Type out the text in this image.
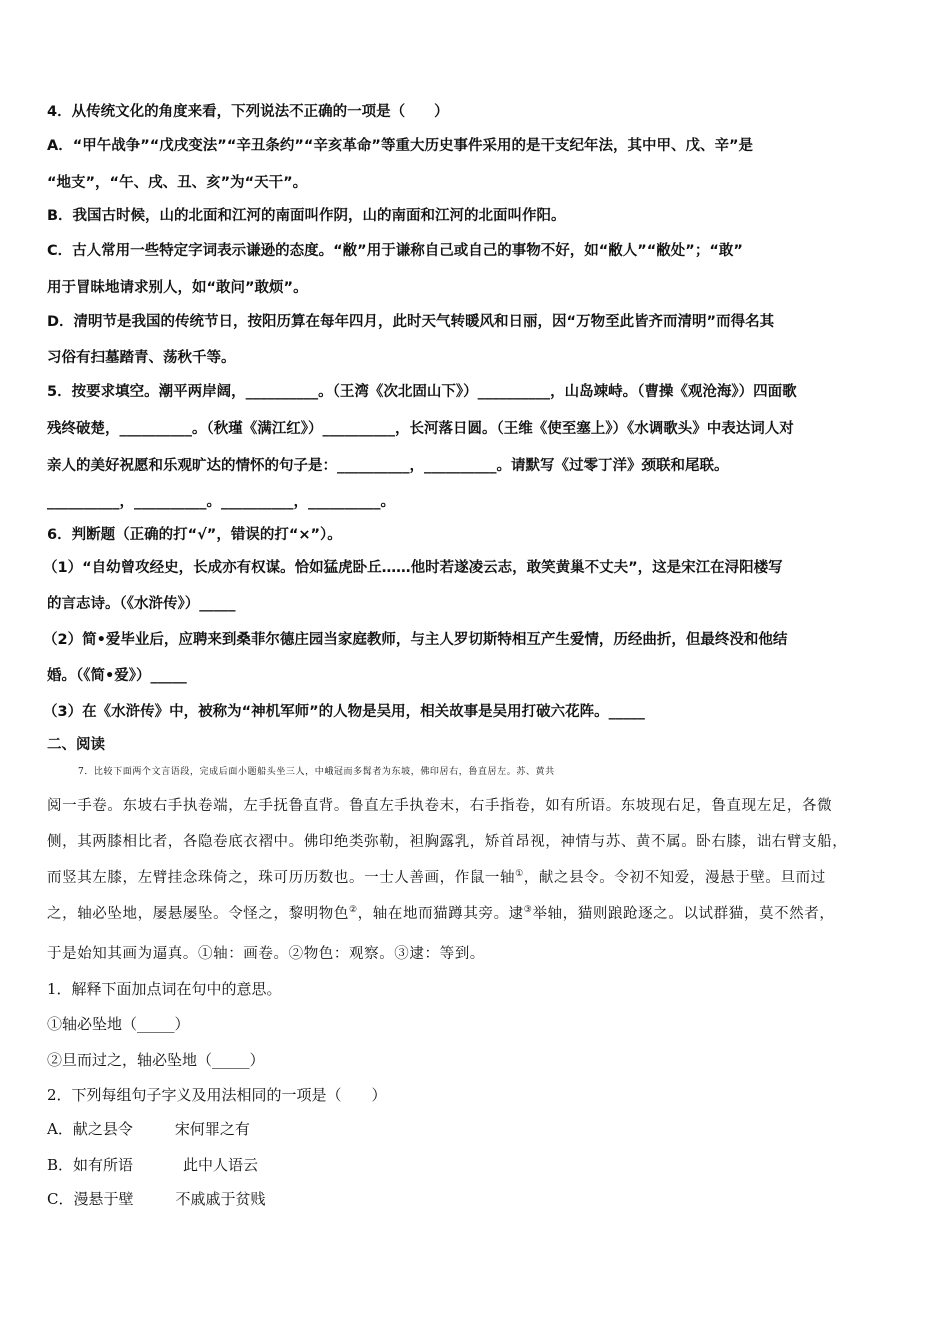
4．从传统文化的角度来看，下列说法不正确的一项是（　　）
A．“甲午战争”“戊戌变法”“辛丑条约”“辛亥革命”等重大历史事件采用的是干支纪年法，其中甲、戊、辛”是
“地支”，“午、戌、丑、亥”为“天干”。
B．我国古时候，山的北面和江河的南面叫作阴，山的南面和江河的北面叫作阳。
C．古人常用一些特定字词表示谦逊的态度。“敝”用于谦称自己或自己的事物不好，如“敝人”“敝处”；“敢”
用于冒昧地请求别人，如“敢问”敢烦”。
D．清明节是我国的传统节日，按阳历算在每年四月，此时天气转暖风和日丽，因“万物至此皆齐而清明”而得名其
习俗有扫墓踏青、荡秋千等。
5．按要求填空。潮平两岸阔，__________。（王湾《次北固山下》）__________，山岛竦峙。（曹操《观沧海》）四面歌
残终破楚，__________。（秋瑾《满江红》）__________，长河落日圆。（王维《使至塞上》）《水调歌头》中表达词人对
亲人的美好祝愿和乐观旷达的情怀的句子是：__________，__________。请默写《过零丁洋》颈联和尾联。
__________，__________。__________，__________。
6．判断题（正确的打“√”，错误的打“×”）。
（1）“自幼曾攻经史，长成亦有权谋。恰如猛虎卧丘……他时若遂凌云志，敢笑黄巢不丈夫”，这是宋江在浔阳楼写
的言志诗。（《水浒传》）_____
（2）简•爱毕业后，应聘来到桑菲尔德庄园当家庭教师，与主人罗切斯特相互产生爱情，历经曲折，但最终没和他结
婚。（《简•爱》）_____
（3）在《水浒传》中，被称为“神机军师”的人物是吴用，相关故事是吴用打破六花阵。_____
二、阅读
7．比较下面两个文言语段，完成后面小题船头坐三人，中峨冠而多髯者为东坡，佛印居右，鲁直居左。苏、黄共
阅一手卷。东坡右手执卷端，左手抚鲁直背。鲁直左手执卷末，右手指卷，如有所语。东坡现右足，鲁直现左足，各微
侧，其两膝相比者，各隐卷底衣褶中。佛印绝类弥勒，袒胸露乳，矫首昂视，神情与苏、黄不属。卧右膝，诎右臂支船，
而竖其左膝，左臂挂念珠倚之，珠可历历数也。一士人善画，作鼠一轴①，献之县令。令初不知爱，漫悬于壁。旦而过
之，轴必坠地，屡悬屡坠。令怪之，黎明物色②，轴在地而猫蹲其旁。逮③举轴，猫则踉跄逐之。以试群猫，莫不然者，
于是始知其画为逼真。①轴：画卷。②物色：观察。③逮：等到。
1．解释下面加点词在句中的意思。
①轴必坠地（_____）
②旦而过之，轴必坠地（_____）
2．下列每组句子字义及用法相同的一项是（　　）
A．献之县令	宋何罪之有
B．如有所语	此中人语云
C．漫悬于壁	不戚戚于贫贱
